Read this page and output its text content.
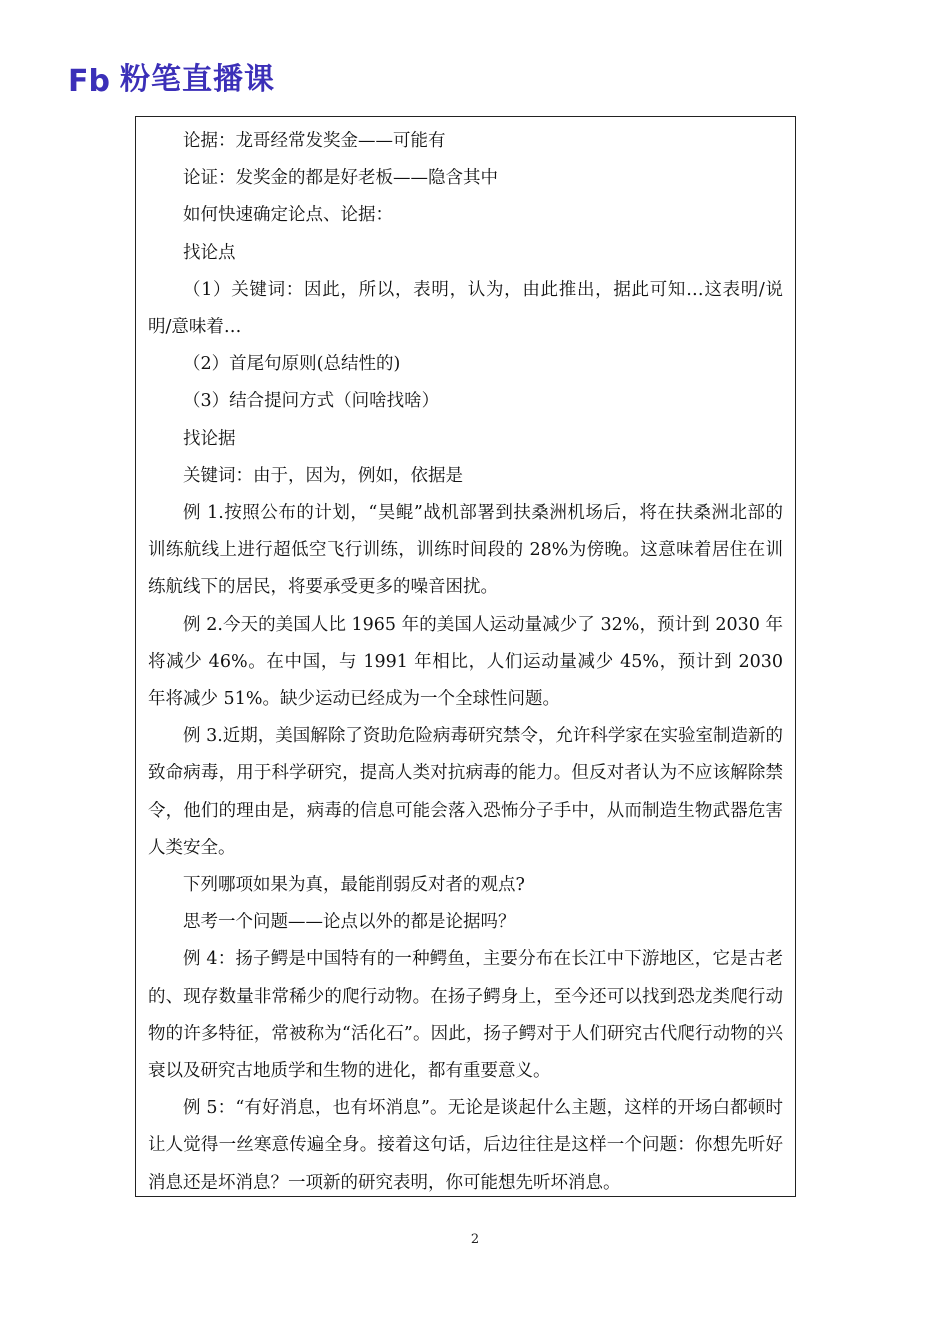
Fb 粉笔直播课

论据：龙哥经常发奖金——可能有

论证：发奖金的都是好老板——隐含其中

如何快速确定论点、论据：

找论点

（1）关键词：因此，所以，表明，认为，由此推出，据此可知…这表明/说明/意味着…

（2）首尾句原则(总结性的)

（3）结合提问方式（问啥找啥）

找论据

关键词：由于，因为，例如，依据是

例 1.按照公布的计划，“昊鲲”战机部署到扶桑洲机场后，将在扶桑洲北部的训练航线上进行超低空飞行训练，训练时间段的 28%为傍晚。这意味着居住在训练航线下的居民，将要承受更多的噪音困扰。

例 2.今天的美国人比 1965 年的美国人运动量减少了 32%，预计到 2030 年将减少 46%。在中国，与 1991 年相比，人们运动量减少 45%，预计到 2030 年将减少 51%。缺少运动已经成为一个全球性问题。

例 3.近期，美国解除了资助危险病毒研究禁令，允许科学家在实验室制造新的致命病毒，用于科学研究，提高人类对抗病毒的能力。但反对者认为不应该解除禁令，他们的理由是，病毒的信息可能会落入恐怖分子手中，从而制造生物武器危害人类安全。

下列哪项如果为真，最能削弱反对者的观点?

思考一个问题——论点以外的都是论据吗？

例 4：扬子鳄是中国特有的一种鳄鱼，主要分布在长江中下游地区，它是古老的、现存数量非常稀少的爬行动物。在扬子鳄身上，至今还可以找到恐龙类爬行动物的许多特征，常被称为“活化石”。因此，扬子鳄对于人们研究古代爬行动物的兴衰以及研究古地质学和生物的进化，都有重要意义。

例 5：“有好消息，也有坏消息”。无论是谈起什么主题，这样的开场白都顿时让人觉得一丝寒意传遍全身。接着这句话，后边往往是这样一个问题：你想先听好消息还是坏消息？一项新的研究表明，你可能想先听坏消息。

2
